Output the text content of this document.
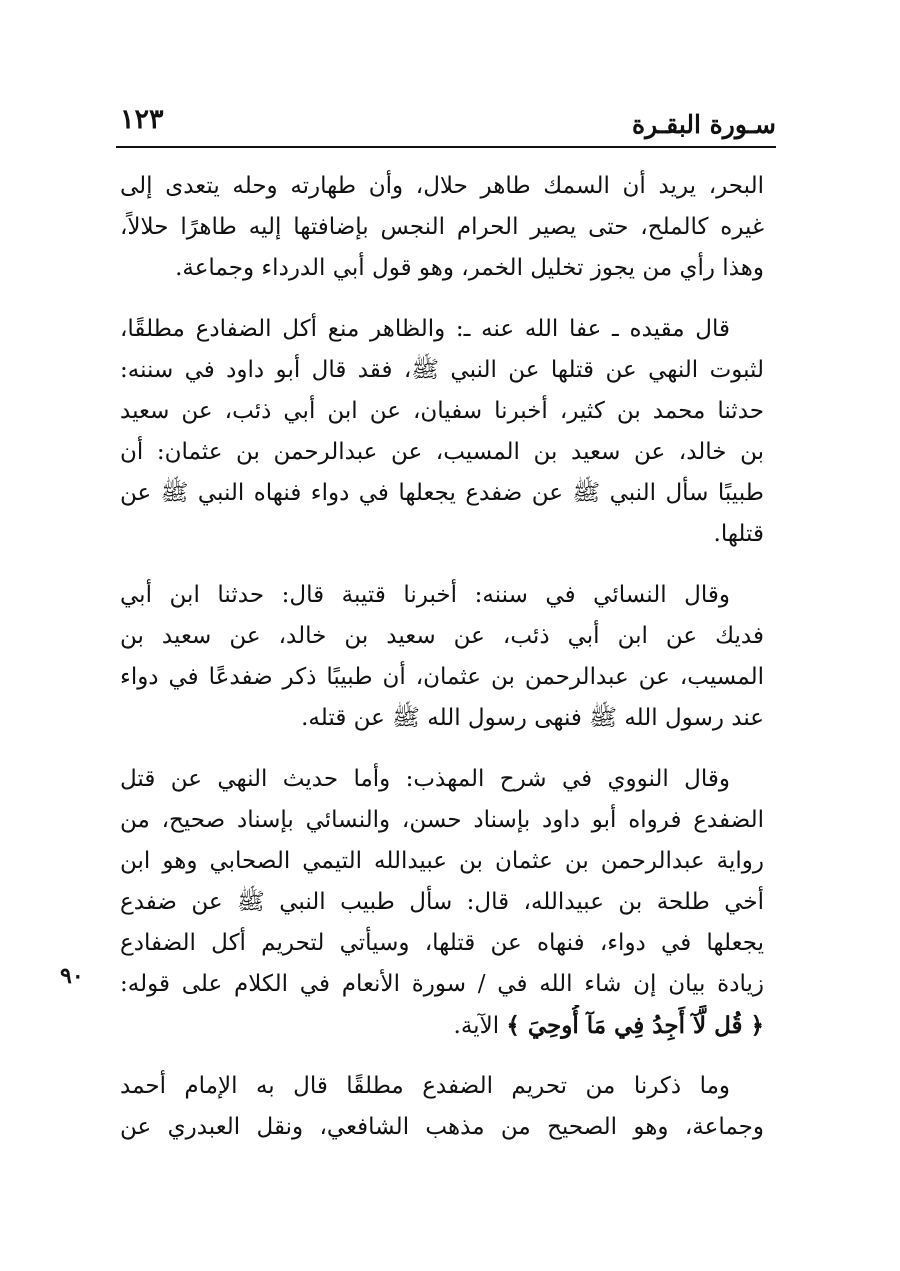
سـورة البقـرة
١٢٣
البحر، يريد أن السمك طاهر حلال، وأن طهارته وحله يتعدى إلى
غيره كالملح، حتى يصير الحرام النجس بإضافتها إليه طاهرًا حلالاً،
وهذا رأي من يجوز تخليل الخمر، وهو قول أبي الدرداء وجماعة.
قال مقيده ـ عفا الله عنه ـ: والظاهر منع أكل الضفادع مطلقًا،
لثبوت النهي عن قتلها عن النبي ﷺ، فقد قال أبو داود في سننه:
حدثنا محمد بن كثير، أخبرنا سفيان، عن ابن أبي ذئب، عن سعيد
بن خالد، عن سعيد بن المسيب، عن عبدالرحمن بن عثمان: أن
طبيبًا سأل النبي ﷺ عن ضفدع يجعلها في دواء فنهاه النبي ﷺ عن
قتلها.
وقال النسائي في سننه: أخبرنا قتيبة قال: حدثنا ابن أبي
فديك عن ابن أبي ذئب، عن سعيد بن خالد، عن سعيد بن
المسيب، عن عبدالرحمن بن عثمان، أن طبيبًا ذكر ضفدعًا في دواء
عند رسول الله ﷺ فنهى رسول الله ﷺ عن قتله.
وقال النووي في شرح المهذب: وأما حديث النهي عن قتل
الضفدع فرواه أبو داود بإسناد حسن، والنسائي بإسناد صحيح، من
رواية عبدالرحمن بن عثمان بن عبيدالله التيمي الصحابي وهو ابن
أخي طلحة بن عبيدالله، قال: سأل طبيب النبي ﷺ عن ضفدع
يجعلها في دواء، فنهاه عن قتلها، وسيأتي لتحريم أكل الضفادع
زيادة بيان إن شاء الله في / سورة الأنعام في الكلام على قوله:
﴿ قُل لَّآ أَجِدُ فِي مَآ أُوحِيَ ﴾ الآية.
وما ذكرنا من تحريم الضفدع مطلقًا قال به الإمام أحمد
وجماعة، وهو الصحيح من مذهب الشافعي، ونقل العبدري عن
٩٠
